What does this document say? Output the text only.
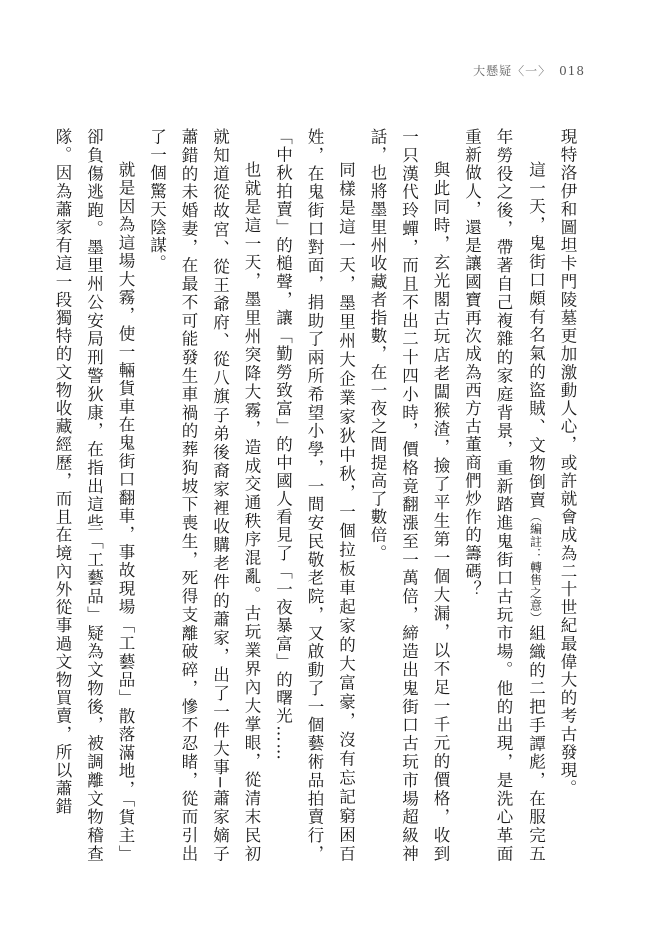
大懸疑〈一〉 018

現特洛伊和圖坦卡門陵墓更加激動人心，或許就會成為二十世紀最偉大的考古發現。

這一天，鬼街口頗有名氣的盜賊、文物倒賣（編註：轉售之意）組織的二把手譚彪，在服完五年勞役之後，帶著自己複雜的家庭背景，重新踏進鬼街口古玩市場。他的出現，是洗心革面重新做人，還是讓國寶再次成為西方古董商們炒作的籌碼？

與此同時，玄光閣古玩店老闆猴渣，撿了平生第一個大漏，以不足一千元的價格，收到一只漢代玲蟬，而且不出二十四小時，價格竟翻漲至一萬倍，締造出鬼街口古玩市場超級神話，也將墨里州收藏者指數，在一夜之間提高了數倍。

同樣是這一天，墨里州大企業家狄中秋，一個拉板車起家的大富豪，沒有忘記窮困百姓，在鬼街口對面，捐助了兩所希望小學，一間安民敬老院，又啟動了一個藝術品拍賣行，「中秋拍賣」的槌聲，讓「勤勞致富」的中國人看見了「一夜暴富」的曙光……

也就是這一天，墨里州突降大霧，造成交通秩序混亂。古玩業界內大掌眼，從清末民初就知道從故宮、從王爺府、從八旗子弟後裔家裡收購老件的蕭家，出了一件大事─蕭家嫡子蕭錯的未婚妻，在最不可能發生車禍的葬狗坡下喪生，死得支離破碎，慘不忍睹，從而引出了一個驚天陰謀。

就是因為這場大霧，使一輛貨車在鬼街口翻車，事故現場「工藝品」散落滿地，「貨主」卻負傷逃跑。墨里州公安局刑警狄康，在指出這些「工藝品」疑為文物後，被調離文物稽查隊。因為蕭家有這一段獨特的文物收藏經歷，而且在境內外從事過文物買賣，所以蕭錯
